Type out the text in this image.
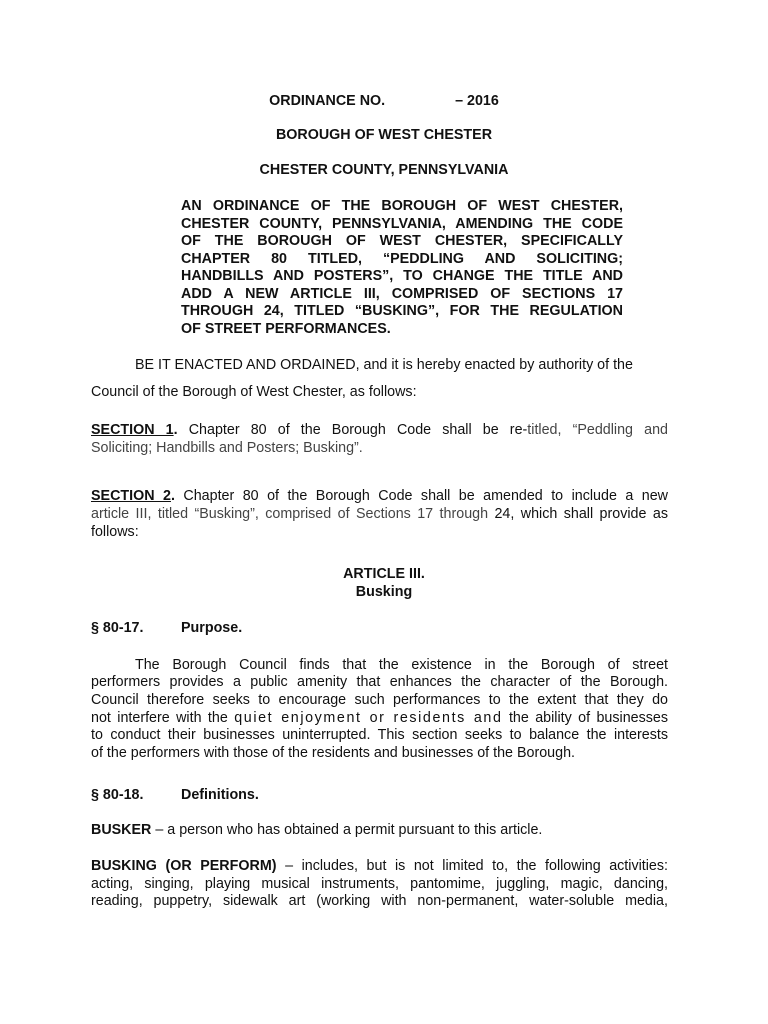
ORDINANCE NO.	– 2016
BOROUGH OF WEST CHESTER
CHESTER COUNTY, PENNSYLVANIA
AN ORDINANCE OF THE BOROUGH OF WEST CHESTER,
CHESTER COUNTY, PENNSYLVANIA, AMENDING THE CODE
OF THE BOROUGH OF WEST CHESTER, SPECIFICALLY
CHAPTER 80 TITLED, “PEDDLING AND SOLICITING;
HANDBILLS AND POSTERS”, TO CHANGE THE TITLE AND
ADD A NEW ARTICLE III, COMPRISED OF SECTIONS 17
THROUGH 24, TITLED “BUSKING”, FOR THE REGULATION
OF STREET PERFORMANCES.
BE IT ENACTED AND ORDAINED, and it is hereby enacted by authority of the
Council of the Borough of West Chester, as follows:
SECTION 1. Chapter 80 of the Borough Code shall be re-titled, “Peddling and
Soliciting; Handbills and Posters; Busking”.
SECTION 2. Chapter 80 of the Borough Code shall be amended to include a new
article III, titled “Busking”, comprised of Sections 17 through 24, which shall provide as
follows:
ARTICLE III.
Busking
§ 80-17.	Purpose.
The Borough Council finds that the existence in the Borough of street
performers provides a public amenity that enhances the character of the Borough.
Council therefore seeks to encourage such performances to the extent that they do
not interfere with the quiet enjoyment or residents and the ability of businesses
to conduct their businesses uninterrupted. This section seeks to balance the interests
of the performers with those of the residents and businesses of the Borough.
§ 80-18.	Definitions.
BUSKER – a person who has obtained a permit pursuant to this article.
BUSKING (OR PERFORM) – includes, but is not limited to, the following activities:
acting, singing, playing musical instruments, pantomime, juggling, magic, dancing,
reading, puppetry, sidewalk art (working with non-permanent, water-soluble media,
